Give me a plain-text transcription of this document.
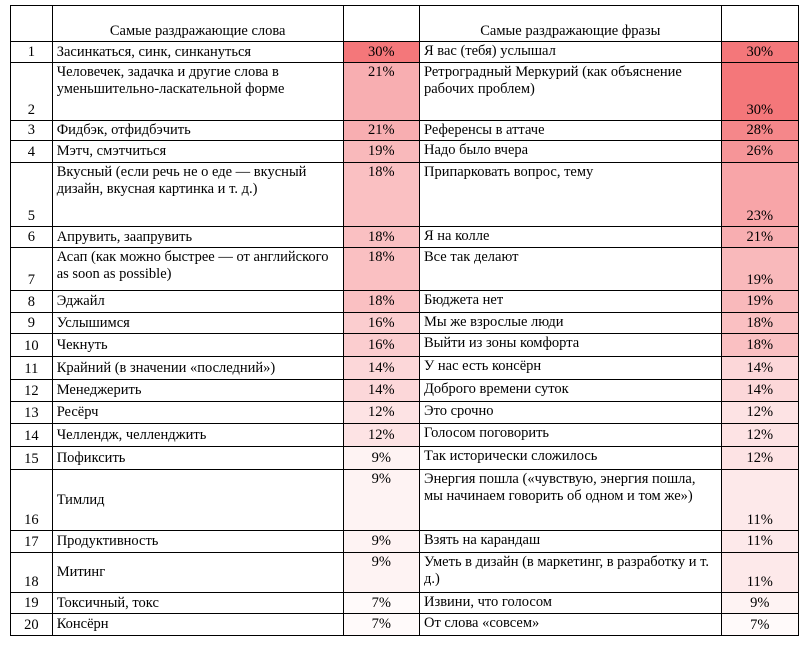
	Самые раздражающие слова		Самые раздражающие фразы	
1	Засинкаться, синк, синкануться	30%	Я вас (тебя) услышал	30%
2	Человечек, задачка и другие слова в уменьшительно-ласкательной форме	21%	Ретроградный Меркурий (как объяснение рабочих проблем)	30%
3	Фидбэк, отфидбэчить	21%	Референсы в аттаче	28%
4	Мэтч, смэтчиться	19%	Надо было вчера	26%
5	Вкусный (если речь не о еде — вкусный дизайн, вкусная картинка и т. д.)	18%	Припарковать вопрос, тему	23%
6	Апрувить, заапрувить	18%	Я на колле	21%
7	Асап (как можно быстрее — от английского as soon as possible)	18%	Все так делают	19%
8	Эджайл	18%	Бюджета нет	19%
9	Услышимся	16%	Мы же взрослые люди	18%
10	Чекнуть	16%	Выйти из зоны комфорта	18%
11	Крайний (в значении «последний»)	14%	У нас есть консёрн	14%
12	Менеджерить	14%	Доброго времени суток	14%
13	Ресёрч	12%	Это срочно	12%
14	Челлендж, челленджить	12%	Голосом поговорить	12%
15	Пофиксить	9%	Так исторически сложилось	12%
16	Тимлид	9%	Энергия пошла («чувствую, энергия пошла, мы начинаем говорить об одном и том же»)	11%
17	Продуктивность	9%	Взять на карандаш	11%
18	Митинг	9%	Уметь в дизайн (в маркетинг, в разработку и т. д.)	11%
19	Токсичный, токс	7%	Извини, что голосом	9%
20	Консёрн	7%	От слова «совсем»	7%
